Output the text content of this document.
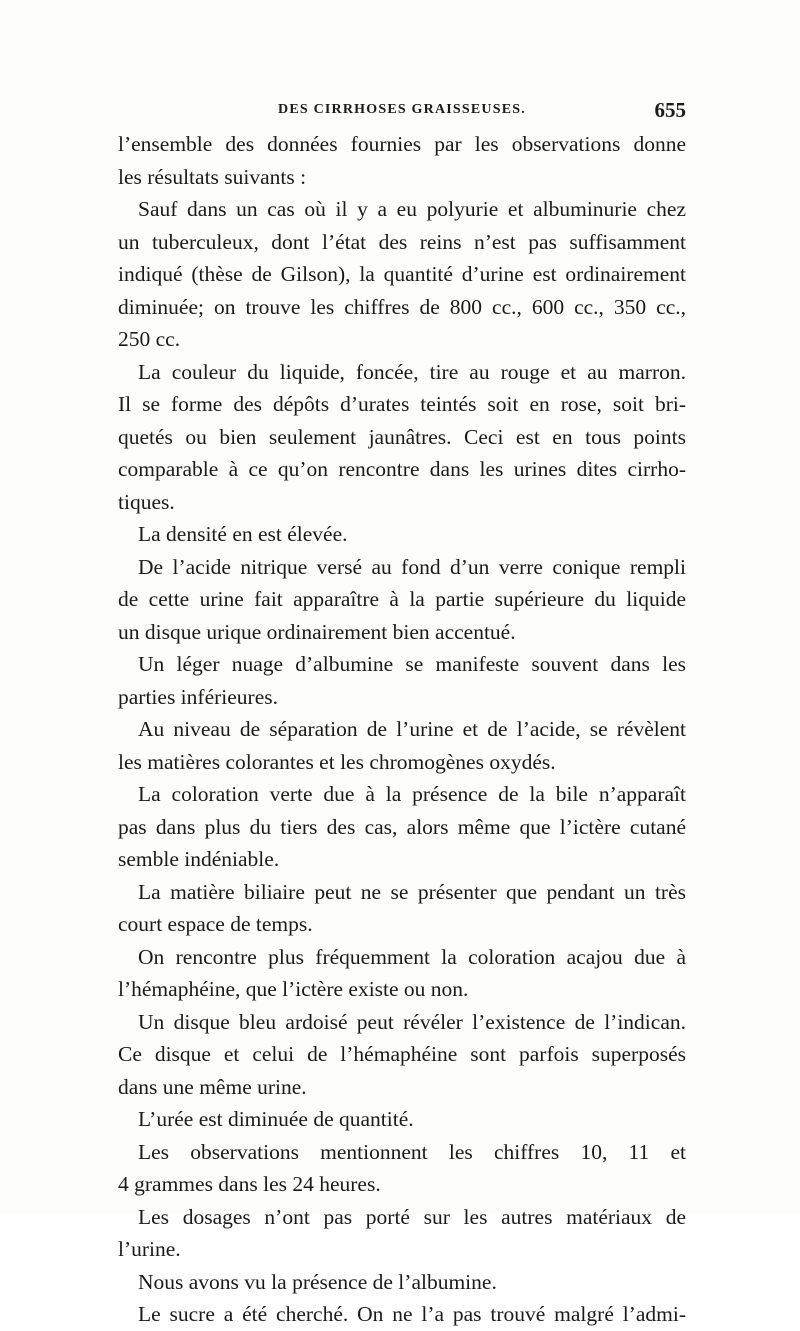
DES CIRRHOSES GRAISSEUSES.	655
l’ensemble des données fournies par les observations donne
les résultats suivants :
Sauf dans un cas où il y a eu polyurie et albuminurie chez
un tuberculeux, dont l’état des reins n’est pas suffisamment
indiqué (thèse de Gilson), la quantité d’urine est ordinairement
diminuée; on trouve les chiffres de 800 cc., 600 cc., 350 cc.,
250 cc.
La couleur du liquide, foncée, tire au rouge et au marron.
Il se forme des dépôts d’urates teintés soit en rose, soit bri-
quetés ou bien seulement jaunâtres. Ceci est en tous points
comparable à ce qu’on rencontre dans les urines dites cirrho-
tiques.
La densité en est élevée.
De l’acide nitrique versé au fond d’un verre conique rempli
de cette urine fait apparaître à la partie supérieure du liquide
un disque urique ordinairement bien accentué.
Un léger nuage d’albumine se manifeste souvent dans les
parties inférieures.
Au niveau de séparation de l’urine et de l’acide, se révèlent
les matières colorantes et les chromogènes oxydés.
La coloration verte due à la présence de la bile n’apparaît
pas dans plus du tiers des cas, alors même que l’ictère cutané
semble indéniable.
La matière biliaire peut ne se présenter que pendant un très
court espace de temps.
On rencontre plus fréquemment la coloration acajou due à
l’hémaphéine, que l’ictère existe ou non.
Un disque bleu ardoisé peut révéler l’existence de l’indican.
Ce disque et celui de l’hémaphéine sont parfois superposés
dans une même urine.
L’urée est diminuée de quantité.
Les observations mentionnent les chiffres 10, 11 et
4 grammes dans les 24 heures.
Les dosages n’ont pas porté sur les autres matériaux de
l’urine.
Nous avons vu la présence de l’albumine.
Le sucre a été cherché. On ne l’a pas trouvé malgré l’admi-
